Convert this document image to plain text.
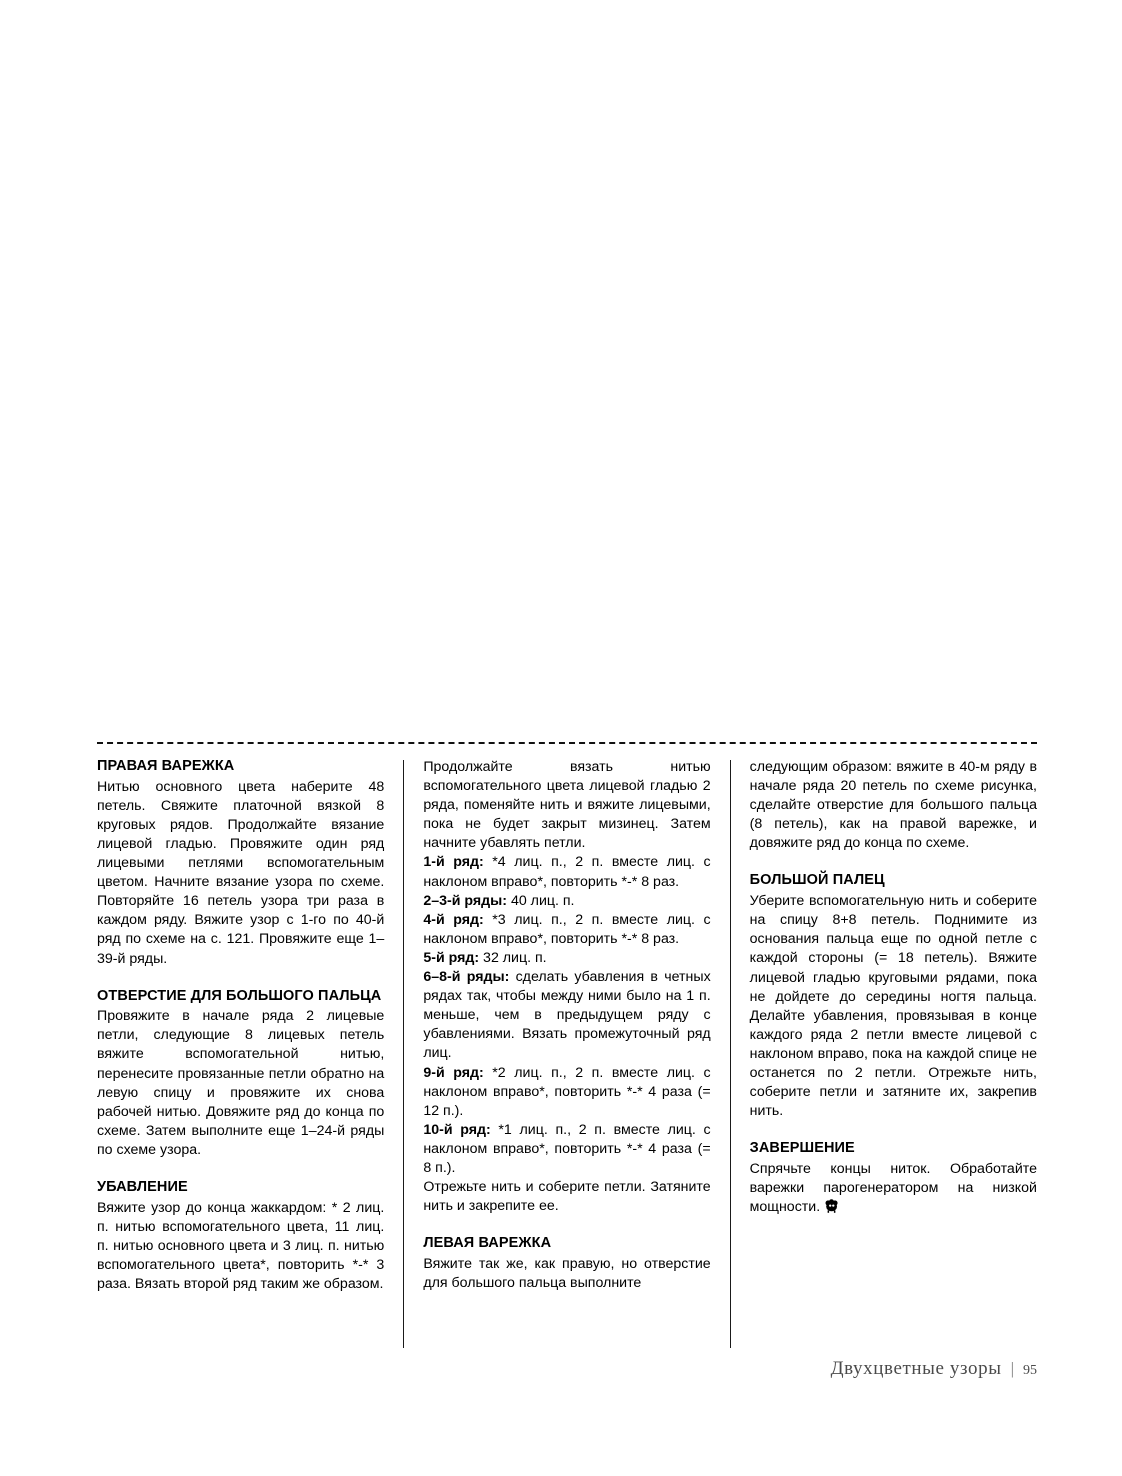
ПРАВАЯ ВАРЕЖКА

Нитью основного цвета наберите 48 петель. Свяжите платочной вязкой 8 круговых рядов. Продолжайте вязание лицевой гладью. Провяжите один ряд лицевыми петлями вспомогательным цветом. Начните вязание узора по схеме. Повторяйте 16 петель узора три раза в каждом ряду. Вяжите узор с 1-го по 40-й ряд по схеме на с. 121. Провяжите еще 1–39-й ряды.

ОТВЕРСТИЕ ДЛЯ БОЛЬШОГО ПАЛЬЦА

Провяжите в начале ряда 2 лицевые петли, следующие 8 лицевых петель вяжите вспомогательной нитью, перенесите провязанные петли обратно на левую спицу и провяжите их снова рабочей нитью. Довяжите ряд до конца по схеме. Затем выполните еще 1–24-й ряды по схеме узора.

УБАВЛЕНИЕ

Вяжите узор до конца жаккардом: * 2 лиц. п. нитью вспомогательного цвета, 11 лиц. п. нитью основного цвета и 3 лиц. п. нитью вспомогательного цвета*, повторить *-* 3 раза. Вязать второй ряд таким же образом.

Продолжайте вязать нитью вспомогательного цвета лицевой гладью 2 ряда, поменяйте нить и вяжите лицевыми, пока не будет закрыт мизинец. Затем начните убавлять петли.

1-й ряд: *4 лиц. п., 2 п. вместе лиц. с наклоном вправо*, повторить *-* 8 раз.

2–3-й ряды: 40 лиц. п.

4-й ряд: *3 лиц. п., 2 п. вместе лиц. с наклоном вправо*, повторить *-* 8 раз.

5-й ряд: 32 лиц. п.

6–8-й ряды: сделать убавления в четных рядах так, чтобы между ними было на 1 п. меньше, чем в предыдущем ряду с убавлениями. Вязать промежуточный ряд лиц.

9-й ряд: *2 лиц. п., 2 п. вместе лиц. с наклоном вправо*, повторить *-* 4 раза (= 12 п.).

10-й ряд: *1 лиц. п., 2 п. вместе лиц. с наклоном вправо*, повторить *-* 4 раза (= 8 п.).

Отрежьте нить и соберите петли. Затяните нить и закрепите ее.

ЛЕВАЯ ВАРЕЖКА

Вяжите так же, как правую, но отверстие для большого пальца выполните

следующим образом: вяжите в 40-м ряду в начале ряда 20 петель по схеме рисунка, сделайте отверстие для большого пальца (8 петель), как на правой варежке, и довяжите ряд до конца по схеме.

БОЛЬШОЙ ПАЛЕЦ

Уберите вспомогательную нить и соберите на спицу 8+8 петель. Поднимите из основания пальца еще по одной петле с каждой стороны (= 18 петель). Вяжите лицевой гладью круговыми рядами, пока не дойдете до середины ногтя пальца. Делайте убавления, провязывая в конце каждого ряда 2 петли вместе лицевой с наклоном вправо, пока на каждой спице не останется по 2 петли. Отрежьте нить, соберите петли и затяните их, закрепив нить.

ЗАВЕРШЕНИЕ

Спрячьте концы ниток. Обработайте варежки парогенератором на низкой мощности.

Двухцветные узоры | 95
